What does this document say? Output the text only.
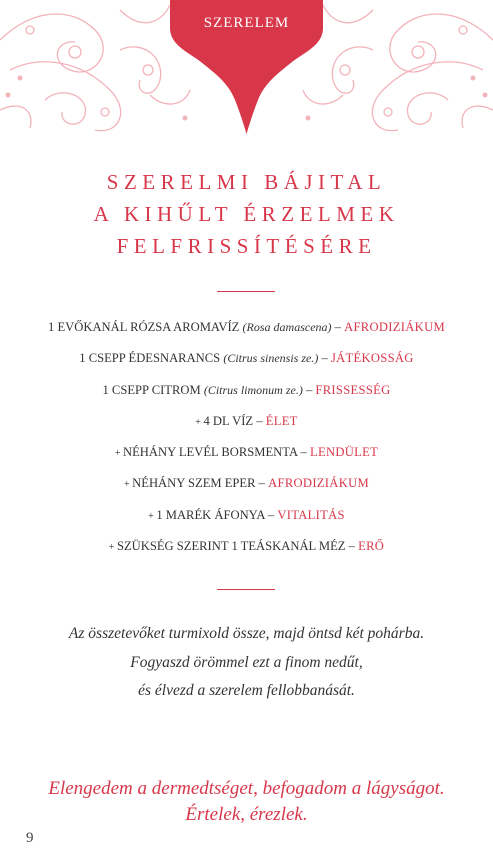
SZERELEM
SZERELMI BÁJITAL
A KIHŰLT ÉRZELMEK
FELFRISSÍTÉSÉRE
1 EVŐKANÁL RÓZSA AROMAVÍZ (Rosa damascena) – AFRODIZIÁKUM
1 CSEPP ÉDESNARANCS (Citrus sinensis ze.) – JÁTÉKOSSÁG
1 CSEPP CITROM (Citrus limonum ze.) – FRISSESSÉG
+ 4 DL VÍZ – ÉLET
+ NÉHÁNY LEVÉL BORSMENTA – LENDÜLET
+ NÉHÁNY SZEM EPER – AFRODIZIÁKUM
+ 1 MARÉK ÁFONYA – VITALITÁS
+ SZÜKSÉG SZERINT 1 TEÁSKANÁL MÉZ – ERŐ
Az összetevőket turmixold össze, majd öntsd két pohárba.
Fogyaszd örömmel ezt a finom nedűt,
és élvezd a szerelem fellobbanását.
Elengedem a dermedtséget, befogadom a lágyságot.
Értelek, érezlek.
9
